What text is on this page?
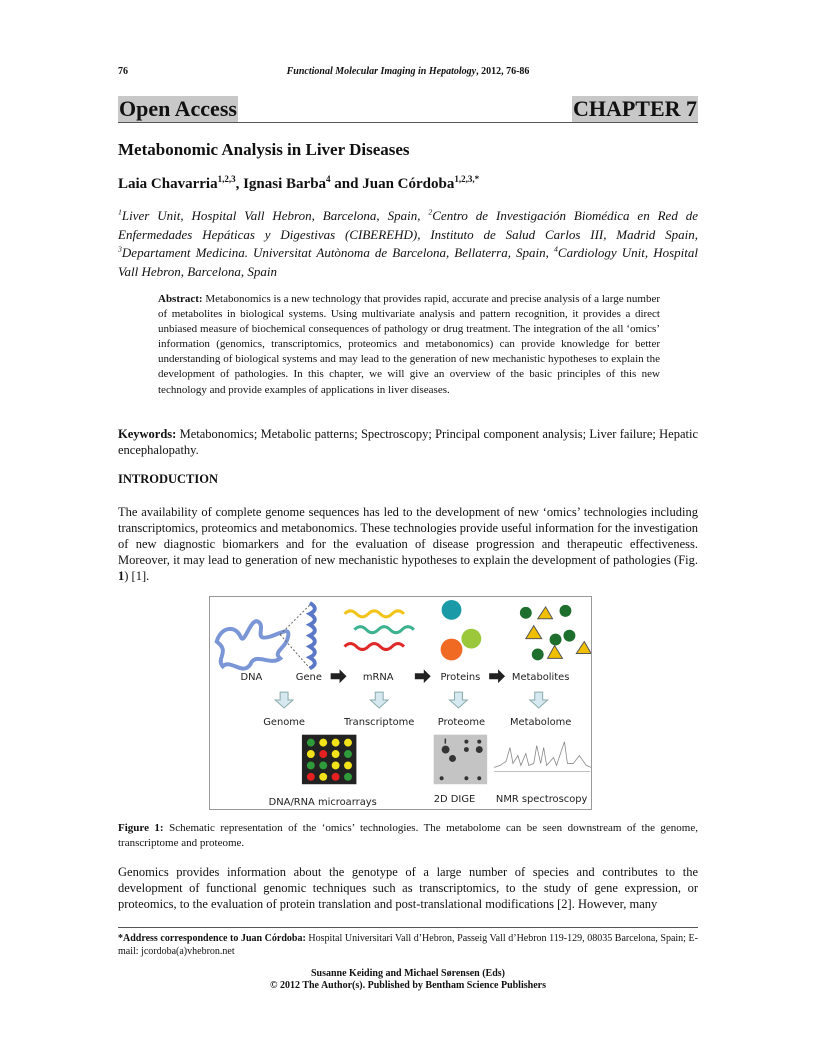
76	Functional Molecular Imaging in Hepatology, 2012, 76-86
Open Access	CHAPTER 7
Metabonomic Analysis in Liver Diseases
Laia Chavarria$^{1,2,3}$, Ignasi Barba$^4$ and Juan Córdoba$^{1,2,3,*}$
$^1$Liver Unit, Hospital Vall Hebron, Barcelona, Spain, $^2$Centro de Investigación Biomédica en Red de Enfermedades Hepáticas y Digestivas (CIBEREHD), Instituto de Salud Carlos III, Madrid Spain, $^3$Departament Medicina. Universitat Autònoma de Barcelona, Bellaterra, Spain, $^4$Cardiology Unit, Hospital Vall Hebron, Barcelona, Spain
Abstract: Metabonomics is a new technology that provides rapid, accurate and precise analysis of a large number of metabolites in biological systems. Using multivariate analysis and pattern recognition, it provides a direct unbiased measure of biochemical consequences of pathology or drug treatment. The integration of the all ‘omics’ information (genomics, transcriptomics, proteomics and metabonomics) can provide knowledge for better understanding of biological systems and may lead to the generation of new mechanistic hypotheses to explain the development of pathologies. In this chapter, we will give an overview of the basic principles of this new technology and provide examples of applications in liver diseases.
Keywords: Metabonomics; Metabolic patterns; Spectroscopy; Principal component analysis; Liver failure; Hepatic encephalopathy.
INTRODUCTION
The availability of complete genome sequences has led to the development of new ‘omics’ technologies including transcriptomics, proteomics and metabonomics. These technologies provide useful information for the investigation of new diagnostic biomarkers and for the evaluation of disease progression and therapeutic effectiveness. Moreover, it may lead to generation of new mechanistic hypotheses to explain the development of pathologies (Fig. 1) [1].
DNA	Gene	mRNA	Proteins	Metabolites
Genome	Transcriptome Proteome Metabolome
DNA/RNA microarrays	2D DIGE NMR spectroscopy
Figure 1: Schematic representation of the ‘omics’ technologies. The metabolome can be seen downstream of the genome, transcriptome and proteome.
Genomics provides information about the genotype of a large number of species and contributes to the development of functional genomic techniques such as transcriptomics, to the study of gene expression, or proteomics, to the evaluation of protein translation and post-translational modifications [2]. However, many
*Address correspondence to Juan Córdoba: Hospital Universitari Vall d’Hebron, Passeig Vall d’Hebron 119-129, 08035 Barcelona, Spain; E-mail: jcordoba(a)vhebron.net
Susanne Keiding and Michael Sørensen (Eds)
© 2012 The Author(s). Published by Bentham Science Publishers
